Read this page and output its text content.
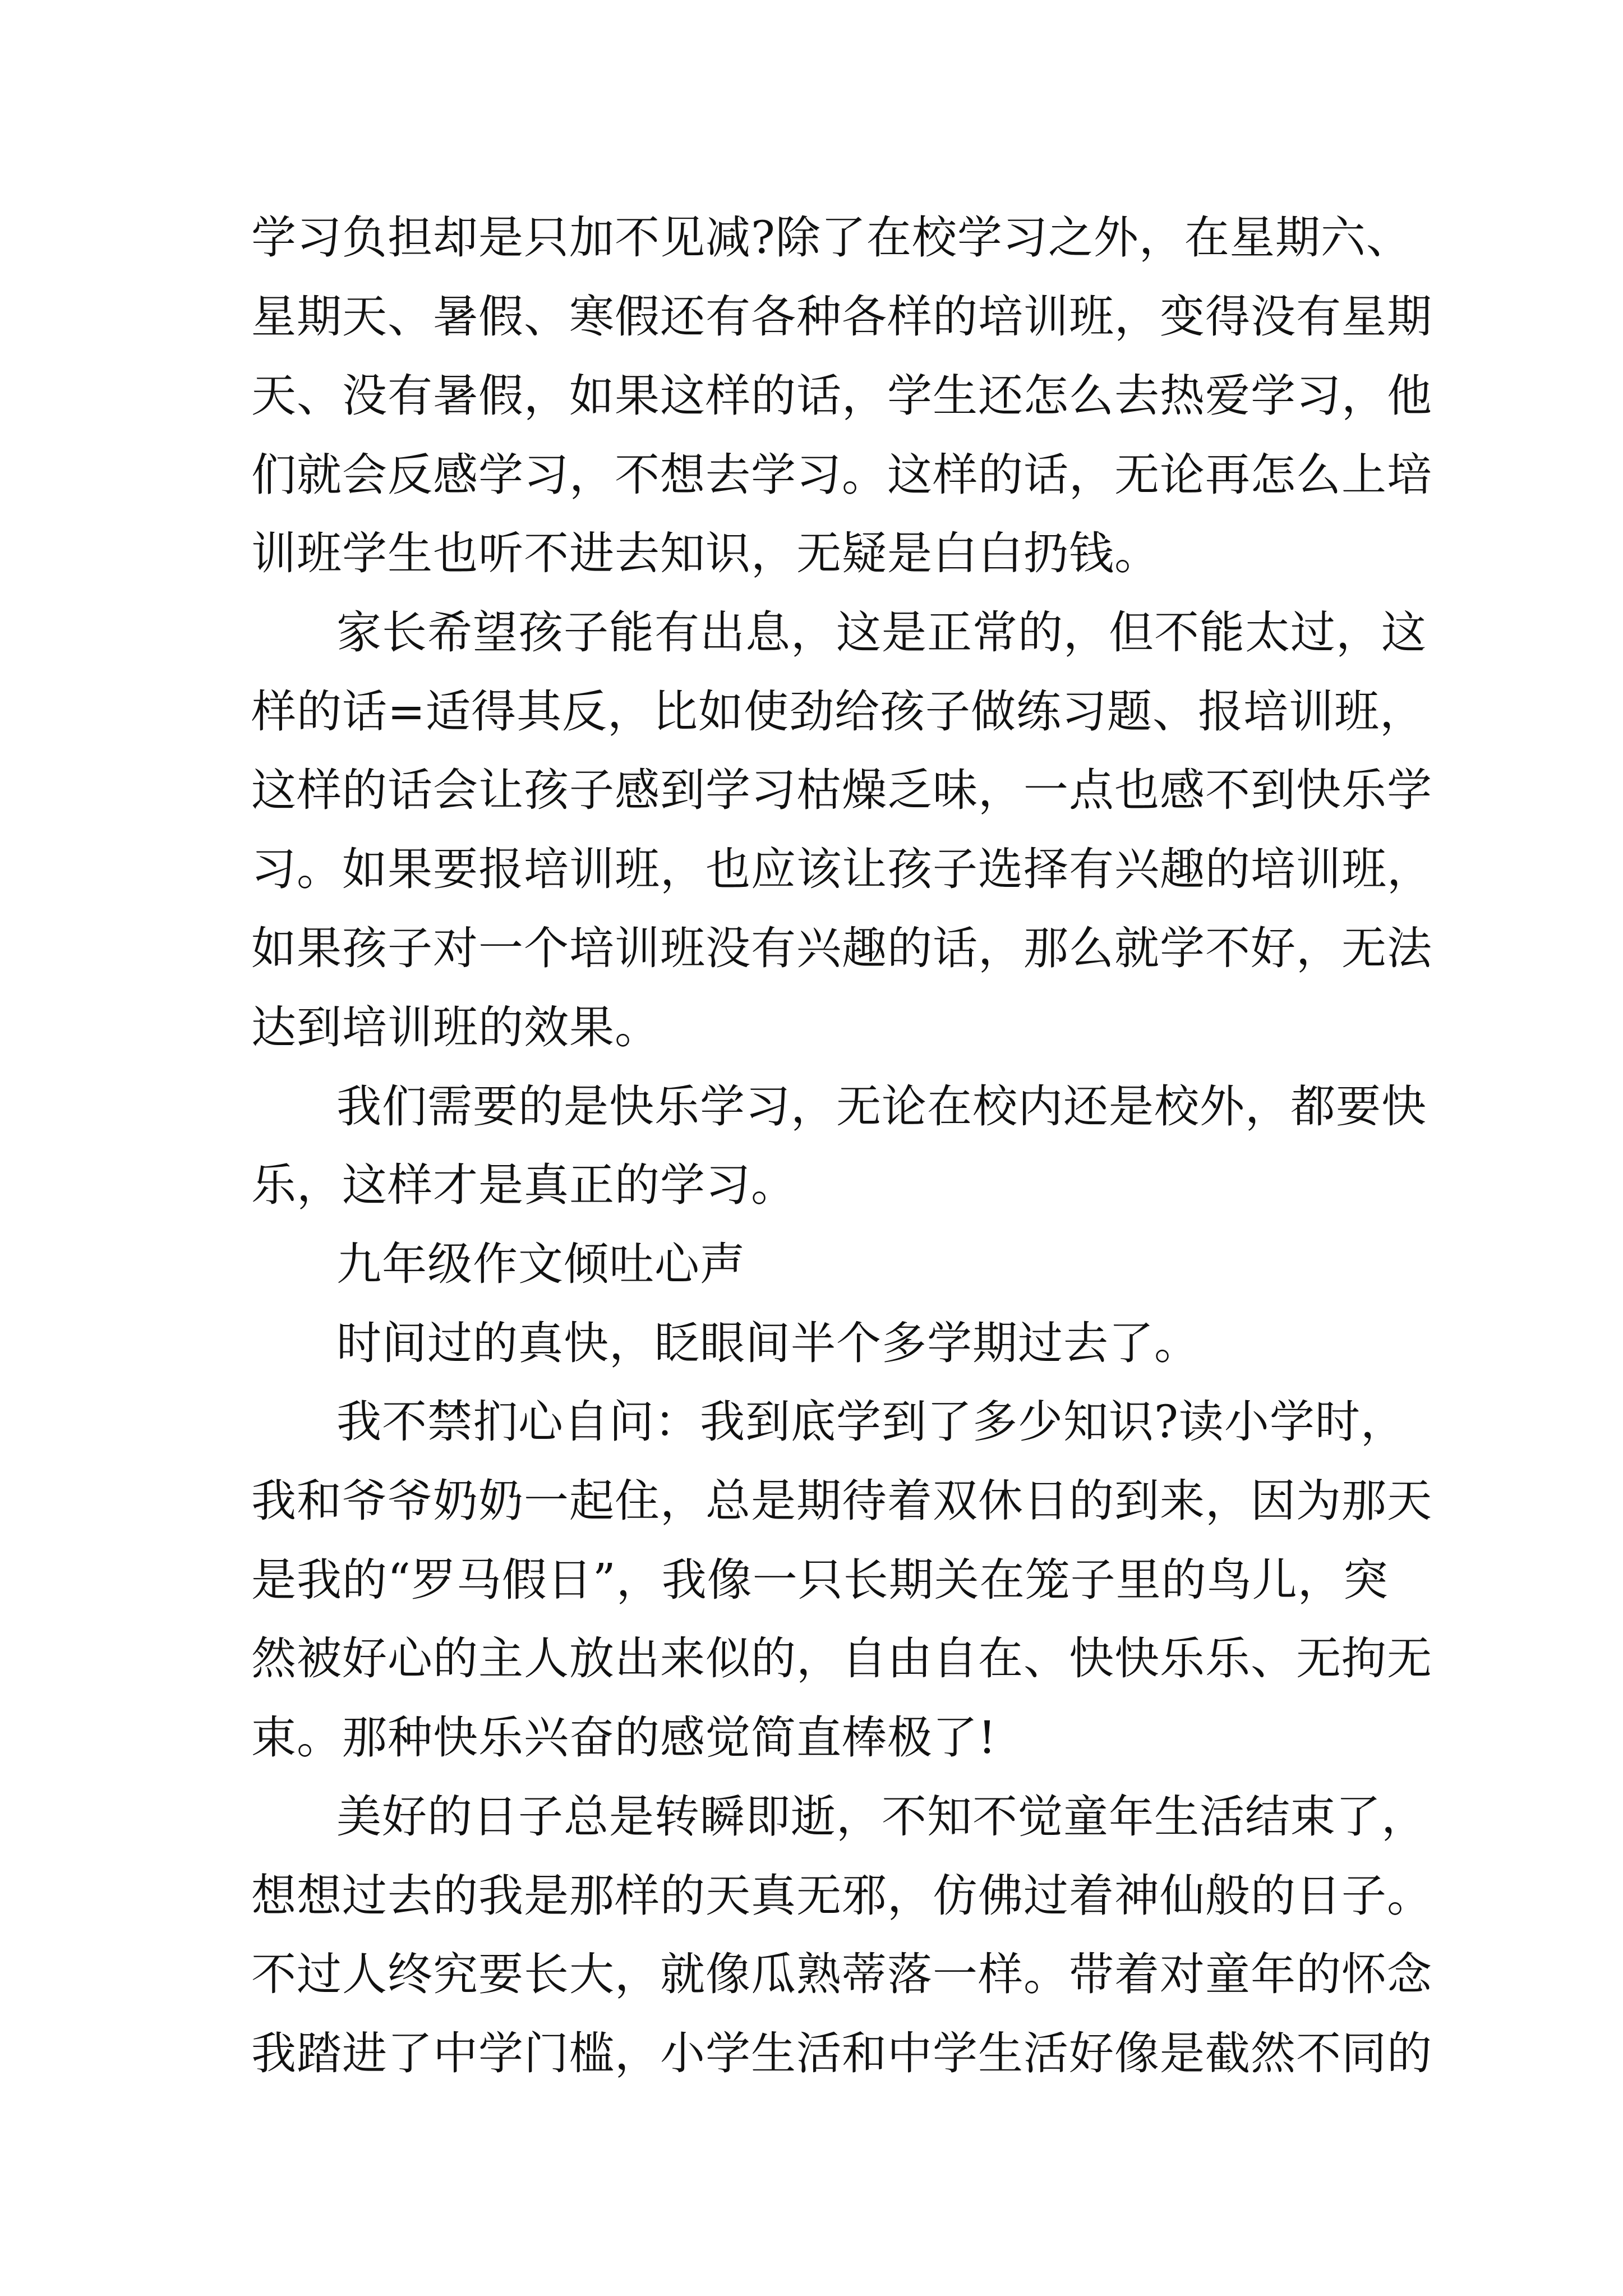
学习负担却是只加不见减?除了在校学习之外，在星期六、
星期天、暑假、寒假还有各种各样的培训班，变得没有星期
天、没有暑假，如果这样的话，学生还怎么去热爱学习，他
们就会反感学习，不想去学习。这样的话，无论再怎么上培
训班学生也听不进去知识，无疑是白白扔钱。
家长希望孩子能有出息，这是正常的，但不能太过，这
样的话=适得其反，比如使劲给孩子做练习题、报培训班，
这样的话会让孩子感到学习枯燥乏味，一点也感不到快乐学
习。如果要报培训班，也应该让孩子选择有兴趣的培训班，
如果孩子对一个培训班没有兴趣的话，那么就学不好，无法
达到培训班的效果。
我们需要的是快乐学习，无论在校内还是校外，都要快
乐，这样才是真正的学习。
九年级作文倾吐心声
时间过的真快，眨眼间半个多学期过去了。
我不禁扪心自问：我到底学到了多少知识?读小学时，
我和爷爷奶奶一起住，总是期待着双休日的到来，因为那天
是我的“罗马假日”，我像一只长期关在笼子里的鸟儿，突
然被好心的主人放出来似的，自由自在、快快乐乐、无拘无
束。那种快乐兴奋的感觉简直棒极了!
美好的日子总是转瞬即逝，不知不觉童年生活结束了，
想想过去的我是那样的天真无邪，仿佛过着神仙般的日子。
不过人终究要长大，就像瓜熟蒂落一样。带着对童年的怀念
我踏进了中学门槛，小学生活和中学生活好像是截然不同的
